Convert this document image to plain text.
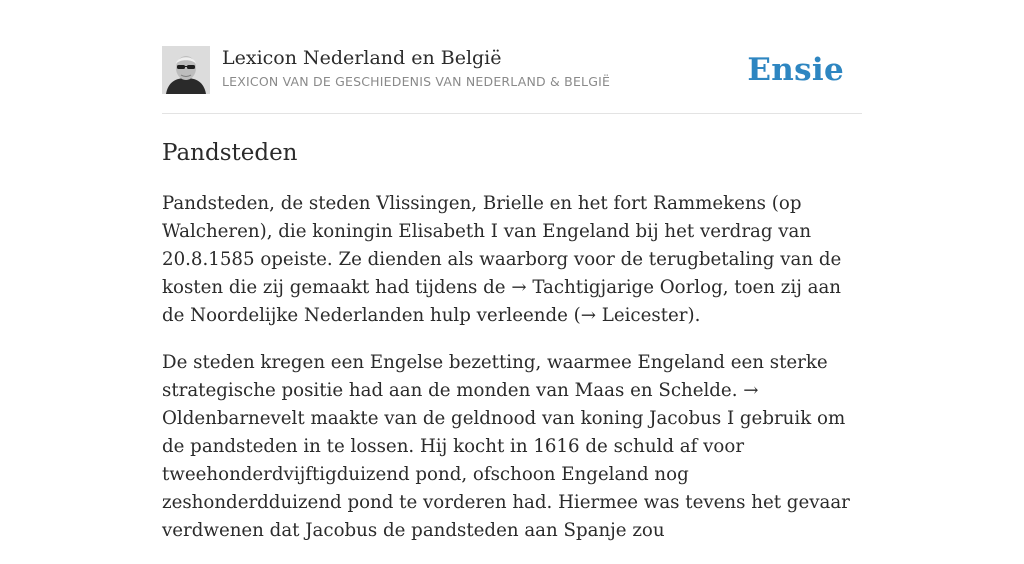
Lexicon Nederland en België
LEXICON VAN DE GESCHIEDENIS VAN NEDERLAND & BELGIË	Ensie
Pandsteden

Pandsteden, de steden Vlissingen, Brielle en het fort Rammekens (op Walcheren), die koningin Elisabeth I van Engeland bij het verdrag van 20.8.1585 opeiste. Ze dienden als waarborg voor de terugbetaling van de kosten die zij gemaakt had tijdens de → Tachtigjarige Oorlog, toen zij aan de Noordelijke Nederlanden hulp verleende (→ Leicester).

De steden kregen een Engelse bezetting, waarmee Engeland een sterke strategische positie had aan de monden van Maas en Schelde. → Oldenbarnevelt maakte van de geldnood van koning Jacobus I gebruik om de pandsteden in te lossen. Hij kocht in 1616 de schuld af voor tweehonderdvijftigduizend pond, ofschoon Engeland nog zeshonderdduizend pond te vorderen had. Hiermee was tevens het gevaar verdwenen dat Jacobus de pandsteden aan Spanje zou
